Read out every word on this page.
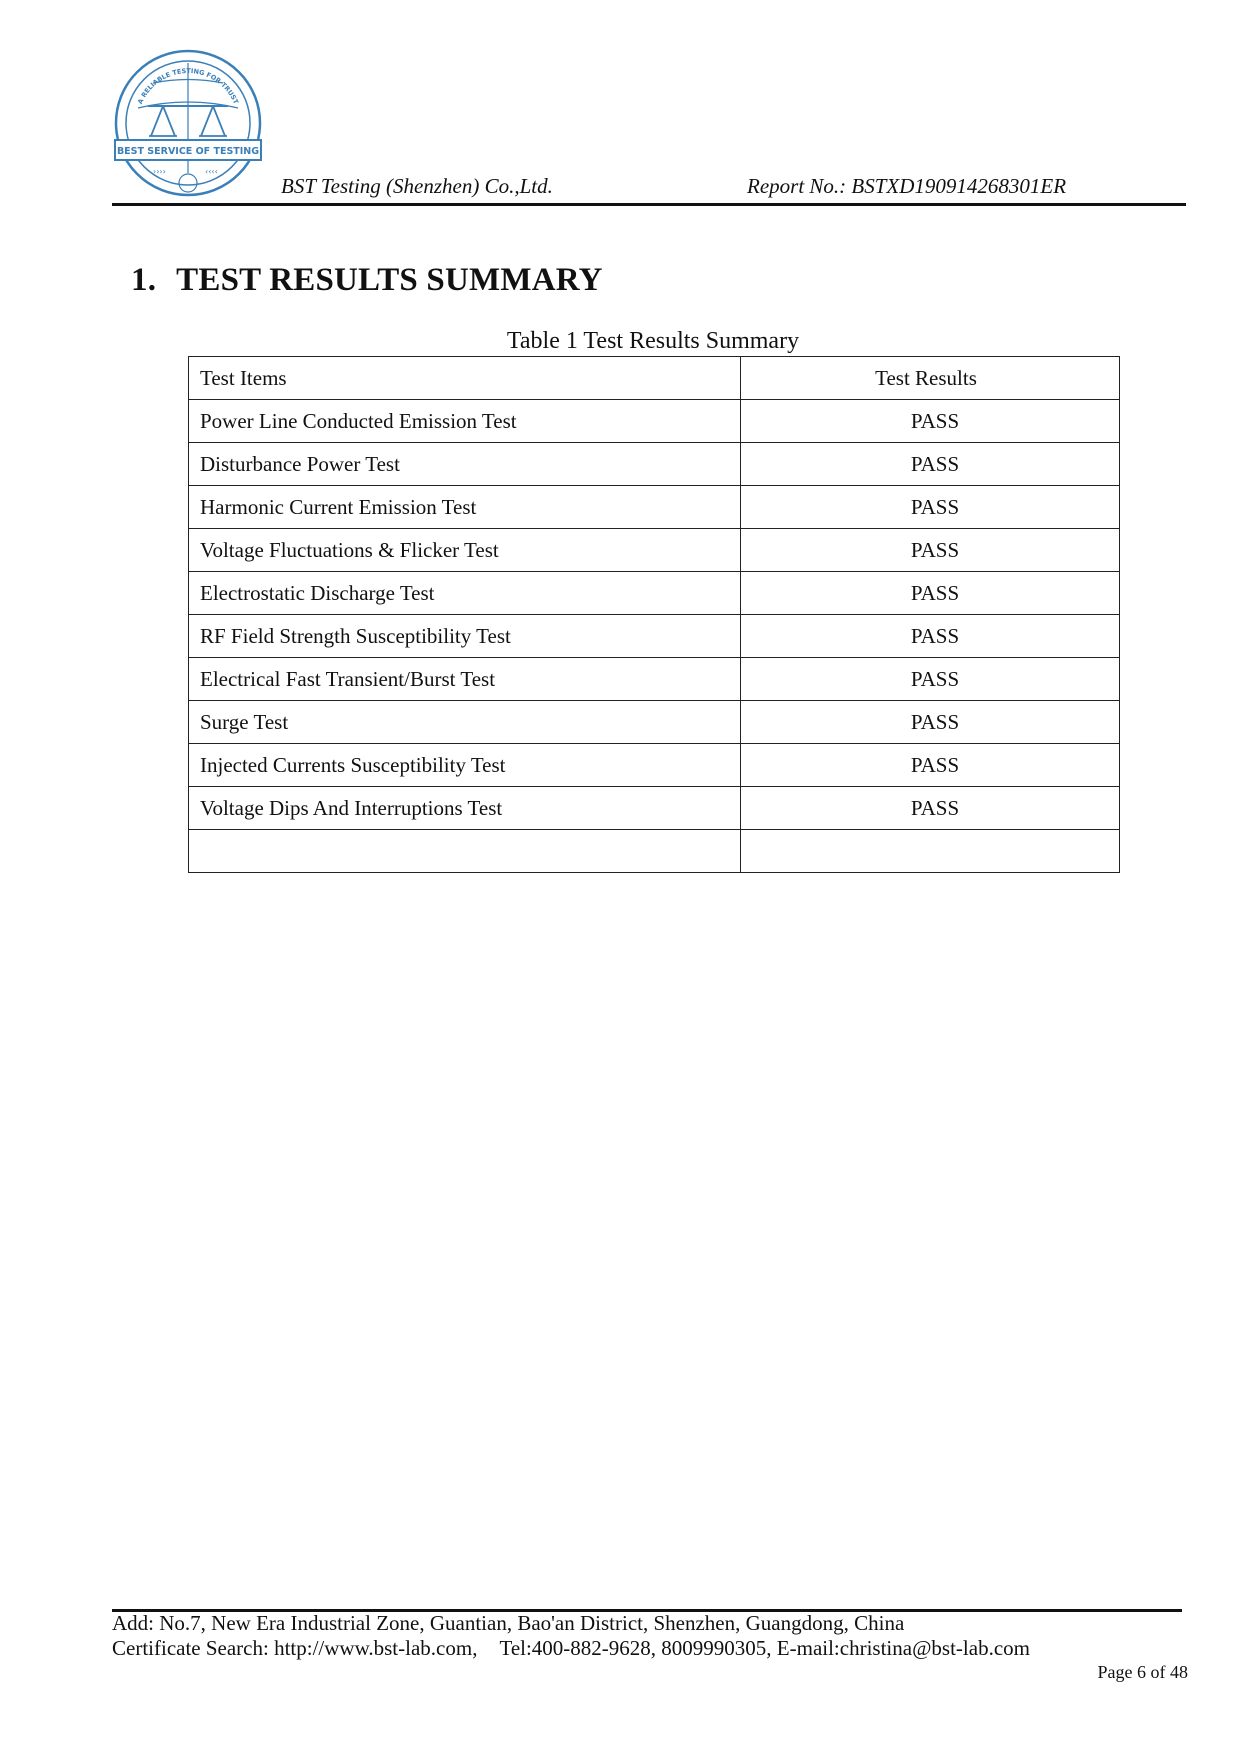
BEST SERVICE OF TESTING
A RELIABLE TESTING FOR TRUST
››››	‹‹‹‹
BST Testing (Shenzhen) Co.,Ltd.	Report No.: BSTXD190914268301ER
1. TEST RESULTS SUMMARY
Table 1 Test Results Summary
Test Items	Test Results
Power Line Conducted Emission Test	PASS
Disturbance Power Test	PASS
Harmonic Current Emission Test	PASS
Voltage Fluctuations & Flicker Test	PASS
Electrostatic Discharge Test	PASS
RF Field Strength Susceptibility Test	PASS
Electrical Fast Transient/Burst Test	PASS
Surge Test	PASS
Injected Currents Susceptibility Test	PASS
Voltage Dips And Interruptions Test	PASS

Add: No.7, New Era Industrial Zone, Guantian, Bao'an District, Shenzhen, Guangdong, China
Certificate Search: http://www.bst-lab.com, Tel:400-882-9628, 8009990305, E-mail:christina@bst-lab.com
Page 6 of 48
